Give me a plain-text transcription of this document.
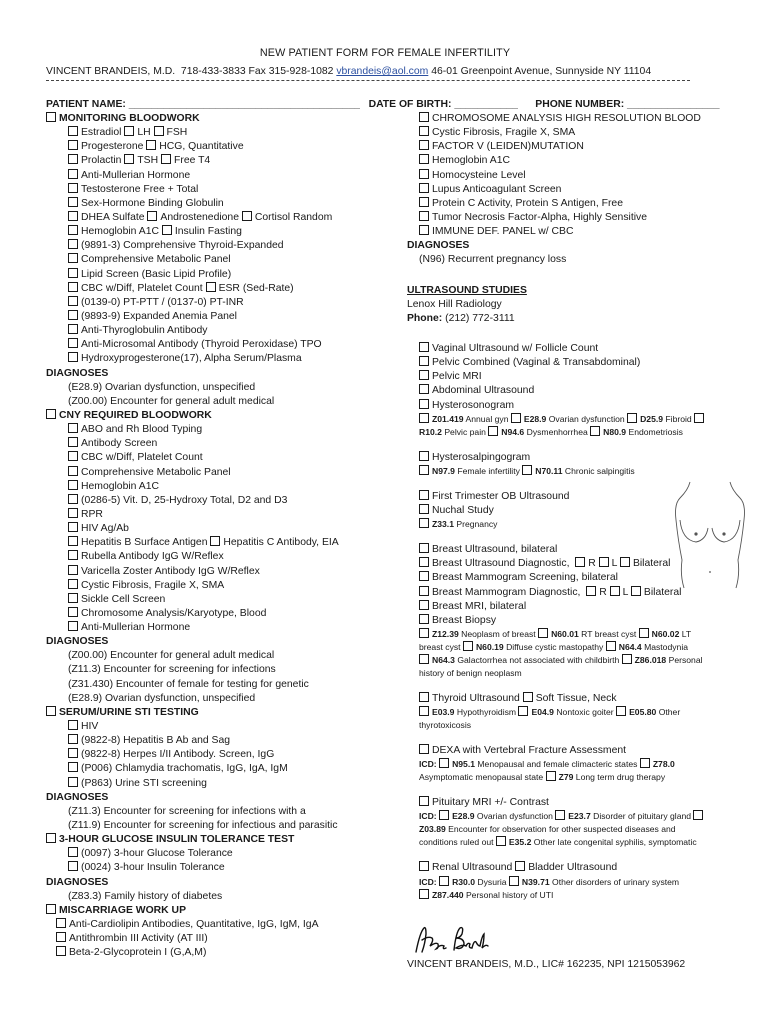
NEW PATIENT FORM FOR FEMALE INFERTILITY
VINCENT BRANDEIS, M.D. 718-433-3833 Fax 315-928-1082 vbrandeis@aol.com 46-01 Greenpoint Avenue, Sunnyside NY 11104
PATIENT NAME: ________________________________________ DATE OF BIRTH: ___________ PHONE NUMBER: ________________
MONITORING BLOODWORK
Estradiol LH FSH
Progesterone HCG, Quantitative
Prolactin TSH Free T4
Anti-Mullerian Hormone
Testosterone Free + Total
Sex-Hormone Binding Globulin
DHEA Sulfate Androstenedione Cortisol Random
Hemoglobin A1C Insulin Fasting
(9891-3) Comprehensive Thyroid-Expanded
Comprehensive Metabolic Panel
Lipid Screen (Basic Lipid Profile)
CBC w/Diff, Platelet Count ESR (Sed-Rate)
(0139-0) PT-PTT / (0137-0) PT-INR
(9893-9) Expanded Anemia Panel
Anti-Thyroglobulin Antibody
Anti-Microsomal Antibody (Thyroid Peroxidase) TPO
Hydroxyprogesterone(17), Alpha Serum/Plasma
DIAGNOSES
(E28.9) Ovarian dysfunction, unspecified
(Z00.00) Encounter for general adult medical
CNY REQUIRED BLOODWORK
ABO and Rh Blood Typing
Antibody Screen
CBC w/Diff, Platelet Count
Comprehensive Metabolic Panel
Hemoglobin A1C
(0286-5) Vit. D, 25-Hydroxy Total, D2 and D3
RPR
HIV Ag/Ab
Hepatitis B Surface Antigen Hepatitis C Antibody, EIA
Rubella Antibody IgG W/Reflex
Varicella Zoster Antibody IgG W/Reflex
Cystic Fibrosis, Fragile X, SMA
Sickle Cell Screen
Chromosome Analysis/Karyotype, Blood
Anti-Mullerian Hormone
DIAGNOSES
(Z00.00) Encounter for general adult medical
(Z11.3) Encounter for screening for infections
(Z31.430) Encounter of female for testing for genetic
(E28.9) Ovarian dysfunction, unspecified
SERUM/URINE STI TESTING
HIV
(9822-8) Hepatitis B Ab and Sag
(9822-8) Herpes I/II Antibody. Screen, IgG
(P006) Chlamydia trachomatis, IgG, IgA, IgM
(P863) Urine STI screening
DIAGNOSES
(Z11.3) Encounter for screening for infections with a
(Z11.9) Encounter for screening for infectious and parasitic
3-HOUR GLUCOSE INSULIN TOLERANCE TEST
(0097) 3-hour Glucose Tolerance
(0024) 3-hour Insulin Tolerance
DIAGNOSES
(Z83.3) Family history of diabetes
MISCARRIAGE WORK UP
Anti-Cardiolipin Antibodies, Quantitative, IgG, IgM, IgA
Antithrombin III Activity (AT III)
Beta-2-Glycoprotein I (G,A,M)
CHROMOSOME ANALYSIS HIGH RESOLUTION BLOOD
Cystic Fibrosis, Fragile X, SMA
FACTOR V (LEIDEN)MUTATION
Hemoglobin A1C
Homocysteine Level
Lupus Anticoagulant Screen
Protein C Activity, Protein S Antigen, Free
Tumor Necrosis Factor-Alpha, Highly Sensitive
IMMUNE DEF. PANEL w/ CBC
DIAGNOSES
(N96) Recurrent pregnancy loss
ULTRASOUND STUDIES
Lenox Hill Radiology
Phone: (212) 772-3111
Vaginal Ultrasound w/ Follicle Count
Pelvic Combined (Vaginal & Transabdominal)
Pelvic MRI
Abdominal Ultrasound
Hysterosonogram
Z01.419 Annual gyn E28.9 Ovarian dysfunction D25.9 Fibroid
R10.2 Pelvic pain N94.6 Dysmenhorrhea N80.9 Endometriosis
Hysterosalpingogram
N97.9 Female infertility N70.11 Chronic salpingitis
First Trimester OB Ultrasound
Nuchal Study
Z33.1 Pregnancy
Breast Ultrasound, bilateral
Breast Ultrasound Diagnostic, R L Bilateral
Breast Mammogram Screening, bilateral
Breast Mammogram Diagnostic, R L Bilateral
Breast MRI, bilateral
Breast Biopsy
Z12.39 Neoplasm of breast N60.01 RT breast cyst N60.02 LT
breast cyst N60.19 Diffuse cystic mastopathy N64.4 Mastodynia
N64.3 Galactorrhea not associated with childbirth Z86.018 Personal
history of benign neoplasm
Thyroid Ultrasound Soft Tissue, Neck
E03.9 Hypothyroidism E04.9 Nontoxic goiter E05.80 Other
thyrotoxicosis
DEXA with Vertebral Fracture Assessment
ICD: N95.1 Menopausal and female climacteric states Z78.0
Asymptomatic menopausal state Z79 Long term drug therapy
Pituitary MRI +/- Contrast
ICD: E28.9 Ovarian dysfunction E23.7 Disorder of pituitary gland
Z03.89 Encounter for observation for other suspected diseases and
conditions ruled out E35.2 Other late congenital syphilis, symptomatic
Renal Ultrasound Bladder Ultrasound
ICD: R30.0 Dysuria N39.71 Other disorders of urinary system
Z87.440 Personal history of UTI
VINCENT BRANDEIS, M.D., LIC# 162235, NPI 1215053962
